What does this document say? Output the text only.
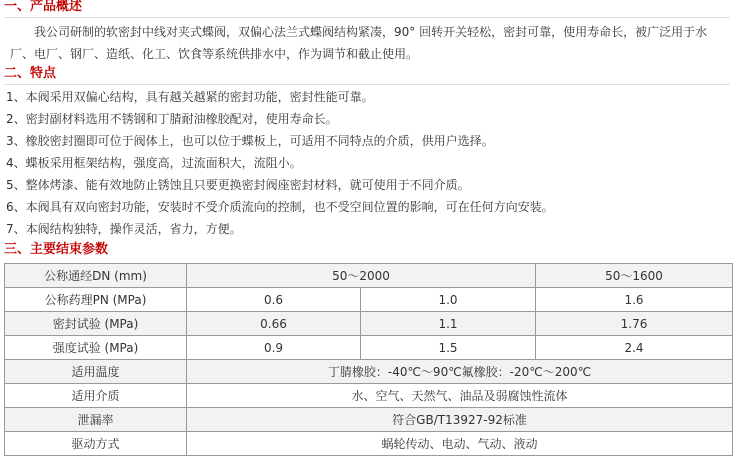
一、产品概述

我公司研制的软密封中线对夹式蝶阀，双偏心法兰式蝶阀结构紧凑，90° 回转开关轻松，密封可靠，使用寿命长，被广泛用于水厂、电厂、钢厂、造纸、化工、饮食等系统供排水中，作为调节和截止使用。

二、特点
1、本阀采用双偏心结构，具有越关越紧的密封功能，密封性能可靠。
2、密封副材料选用不锈钢和丁腈耐油橡胶配对，使用寿命长。
3、橡胶密封圈即可位于阀体上，也可以位于蝶板上，可适用不同特点的介质，供用户选择。
4、蝶板采用框架结构，强度高，过流面积大，流阻小。
5、整体烤漆、能有效地防止锈蚀且只要更换密封阀座密封材料，就可使用于不同介质。
6、本阀具有双向密封功能，安装时不受介质流向的控制，也不受空间位置的影响，可在任何方向安装。
7、本阀结构独特，操作灵活，省力，方便。
三、主要结束参数
公称通经DN (mm)	50～2000		50～1600
公称药理PN (MPa)	0.6	1.0	1.6
密封试验 (MPa)	0.66	1.1	1.76
强度试验 (MPa)	0.9	1.5	2.4
适用温度	丁腈橡胶：-40℃～90℃氟橡胶：-20℃～200℃		
适用介质	水、空气、天然气、油品及弱腐蚀性流体		
泄漏率	符合GB/T13927-92标准		
驱动方式	蜗轮传动、电动、气动、液动		
